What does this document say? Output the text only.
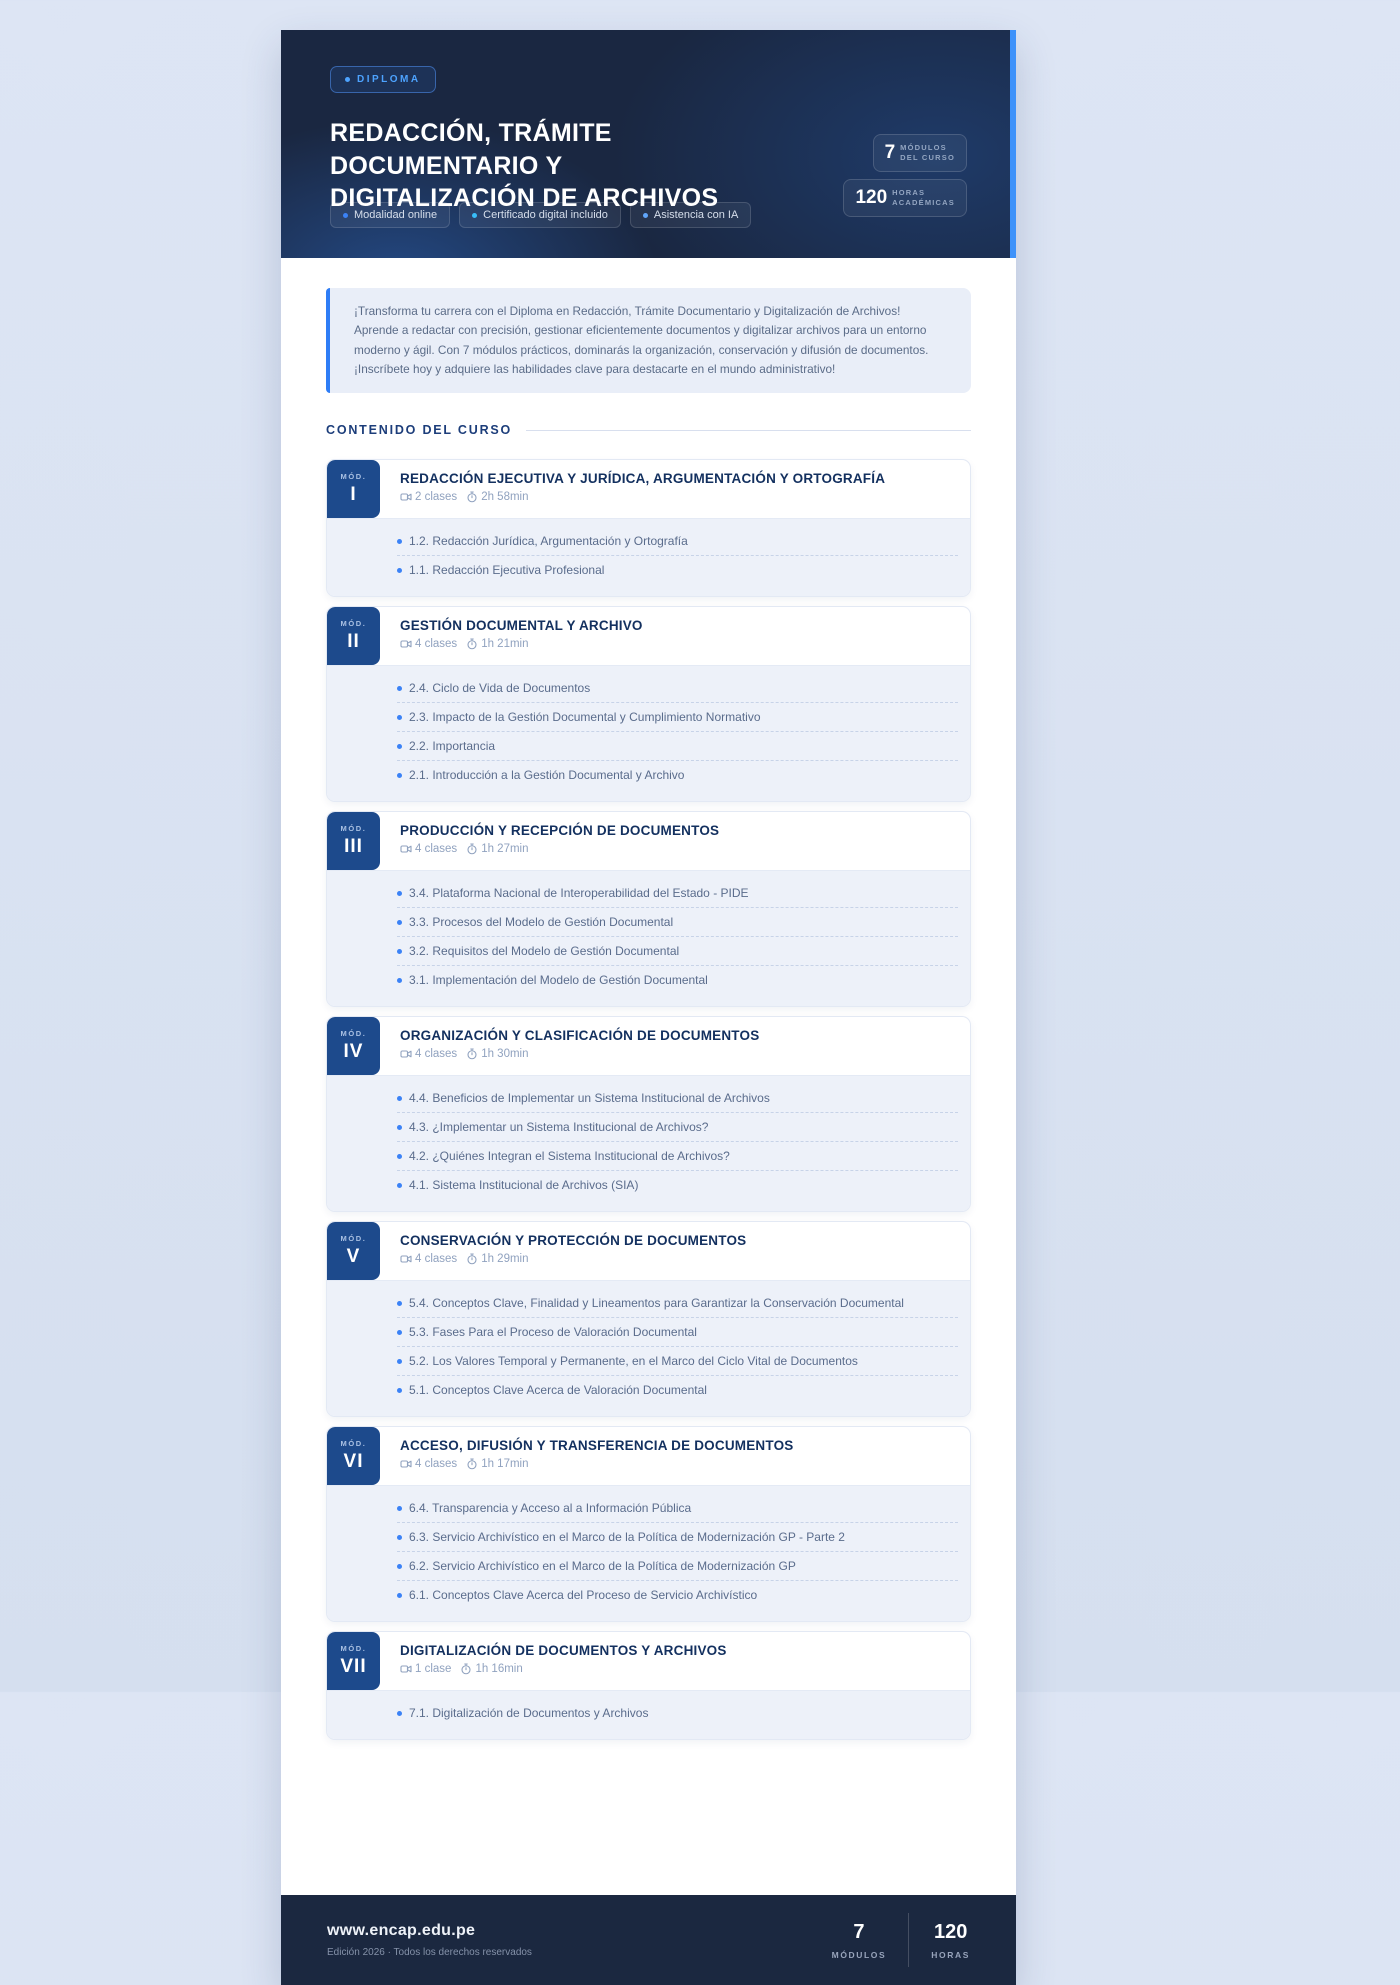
DIPLOMA
REDACCIÓN, TRÁMITE
DOCUMENTARIO Y
DIGITALIZACIÓN DE ARCHIVOS
7 MÓDULOS
DEL CURSO
120 HORAS
ACADÉMICAS
Modalidad online	Certificado digital incluido	Asistencia con IA
¡Transforma tu carrera con el Diploma en Redacción, Trámite Documentario y Digitalización de Archivos! Aprende a redactar con precisión, gestionar eficientemente documentos y digitalizar archivos para un entorno moderno y ágil. Con 7 módulos prácticos, dominarás la organización, conservación y difusión de documentos. ¡Inscríbete hoy y adquiere las habilidades clave para destacarte en el mundo administrativo!
CONTENIDO DEL CURSO
MÓD.
I
REDACCIÓN EJECUTIVA Y JURÍDICA, ARGUMENTACIÓN Y ORTOGRAFÍA
2 clases 2h 58min
1.2. Redacción Jurídica, Argumentación y Ortografía
1.1. Redacción Ejecutiva Profesional
MÓD.
II
GESTIÓN DOCUMENTAL Y ARCHIVO
4 clases 1h 21min
2.4. Ciclo de Vida de Documentos
2.3. Impacto de la Gestión Documental y Cumplimiento Normativo
2.2. Importancia
2.1. Introducción a la Gestión Documental y Archivo
MÓD.
III
PRODUCCIÓN Y RECEPCIÓN DE DOCUMENTOS
4 clases 1h 27min
3.4. Plataforma Nacional de Interoperabilidad del Estado - PIDE
3.3. Procesos del Modelo de Gestión Documental
3.2. Requisitos del Modelo de Gestión Documental
3.1. Implementación del Modelo de Gestión Documental
MÓD.
IV
ORGANIZACIÓN Y CLASIFICACIÓN DE DOCUMENTOS
4 clases 1h 30min
4.4. Beneficios de Implementar un Sistema Institucional de Archivos
4.3. ¿Implementar un Sistema Institucional de Archivos?
4.2. ¿Quiénes Integran el Sistema Institucional de Archivos?
4.1. Sistema Institucional de Archivos (SIA)
MÓD.
V
CONSERVACIÓN Y PROTECCIÓN DE DOCUMENTOS
4 clases 1h 29min
5.4. Conceptos Clave, Finalidad y Lineamentos para Garantizar la Conservación Documental
5.3. Fases Para el Proceso de Valoración Documental
5.2. Los Valores Temporal y Permanente, en el Marco del Ciclo Vital de Documentos
5.1. Conceptos Clave Acerca de Valoración Documental
MÓD.
VI
ACCESO, DIFUSIÓN Y TRANSFERENCIA DE DOCUMENTOS
4 clases 1h 17min
6.4. Transparencia y Acceso al a Información Pública
6.3. Servicio Archivístico en el Marco de la Política de Modernización GP - Parte 2
6.2. Servicio Archivístico en el Marco de la Política de Modernización GP
6.1. Conceptos Clave Acerca del Proceso de Servicio Archivístico
MÓD.
VII
DIGITALIZACIÓN DE DOCUMENTOS Y ARCHIVOS
1 clase 1h 16min
7.1. Digitalización de Documentos y Archivos
www.encap.edu.pe
Edición 2026 · Todos los derechos reservados
7
MÓDULOS
120
HORAS
